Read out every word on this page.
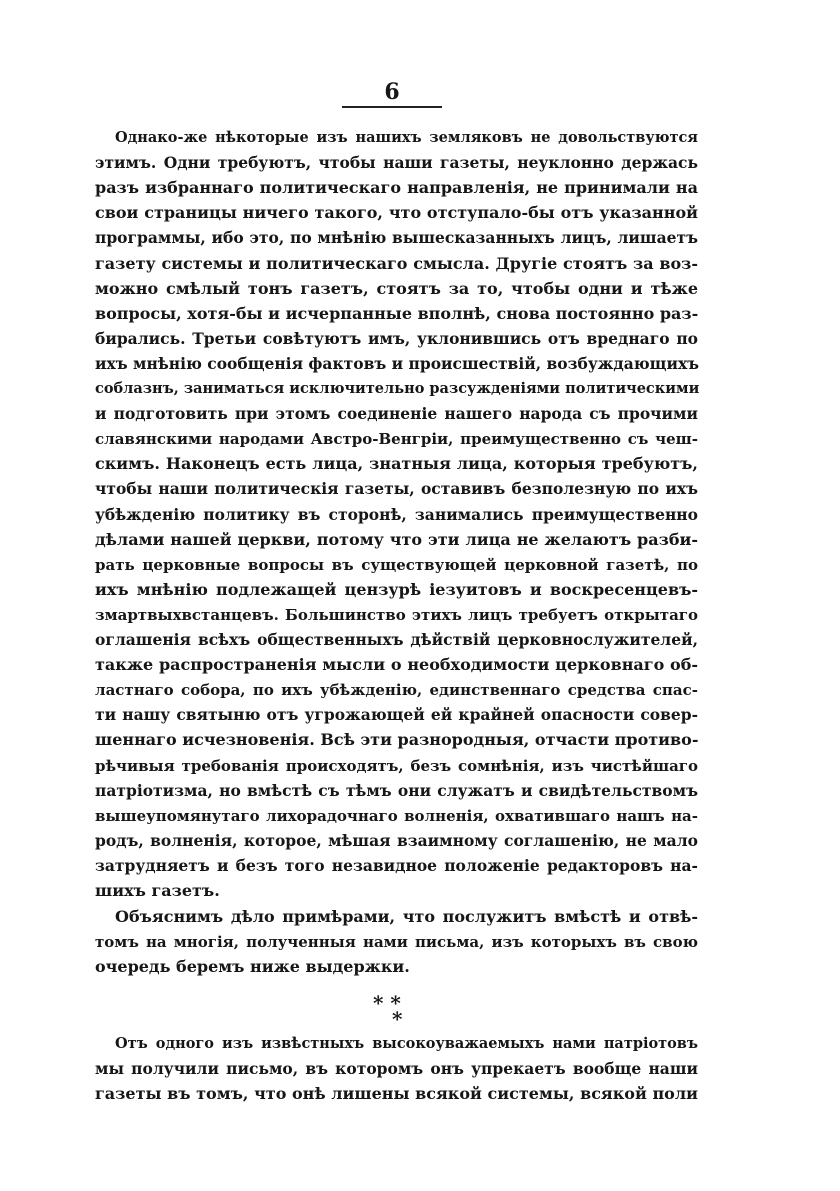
6
Однако-же нѣкоторые изъ нашихъ земляковъ не довольствуются
этимъ. Одни требуютъ, чтобы наши газеты, неуклонно держась
разъ избраннаго политическаго направленія, не принимали на
свои страницы ничего такого, что отступало-бы отъ указанной
программы, ибо это, по мнѣнію вышесказанныхъ лицъ, лишаетъ
газету системы и политическаго смысла. Другіе стоятъ за воз-
можно смѣлый тонъ газетъ, стоятъ за то, чтобы одни и тѣже
вопросы, хотя-бы и исчерпанные вполнѣ, снова постоянно раз-
бирались. Третьи совѣтуютъ имъ, уклонившись отъ вреднаго по
ихъ мнѣнію сообщенія фактовъ и происшествій, возбуждающихъ
соблазнъ, заниматься исключительно разсужденіями политическими
и подготовить при этомъ соединеніе нашего народа съ прочими
славянскими народами Австро-Венгріи, преимущественно съ чеш-
скимъ. Наконецъ есть лица, знатныя лица, которыя требуютъ,
чтобы наши политическія газеты, оставивъ безполезную по ихъ
убѣжденію политику въ сторонѣ, занимались преимущественно
дѣлами нашей церкви, потому что эти лица не желаютъ разби-
рать церковные вопросы въ существующей церковной газетѣ, по
ихъ мнѣнію подлежащей цензурѣ іезуитовъ и воскресенцевъ-
змартвыхвстанцевъ. Большинство этихъ лицъ требуетъ открытаго
оглашенія всѣхъ общественныхъ дѣйствій церковнослужителей,
также распространенія мысли о необходимости церковнаго об-
ластнаго собора, по ихъ убѣжденію, единственнаго средства спас-
ти нашу святыню отъ угрожающей ей крайней опасности совер-
шеннаго исчезновенія. Всѣ эти разнородныя, отчасти противо-
рѣчивыя требованія происходятъ, безъ сомнѣнія, изъ чистѣйшаго
патріотизма, но вмѣстѣ съ тѣмъ они служатъ и свидѣтельствомъ
вышеупомянутаго лихорадочнаго волненія, охватившаго нашъ на-
родъ, волненія, которое, мѣшая взаимному соглашенію, не мало
затрудняетъ и безъ того незавидное положеніе редакторовъ на-
шихъ газетъ.
Объяснимъ дѣло примѣрами, что послужитъ вмѣстѣ и отвѣ-
томъ на многія, полученныя нами письма, изъ которыхъ въ свою
очередь беремъ ниже выдержки.
* *
*
Отъ одного изъ извѣстныхъ высокоуважаемыхъ нами патріотовъ
мы получили письмо, въ которомъ онъ упрекаетъ вообще наши
газеты въ томъ, что онѣ лишены всякой системы, всякой поли
